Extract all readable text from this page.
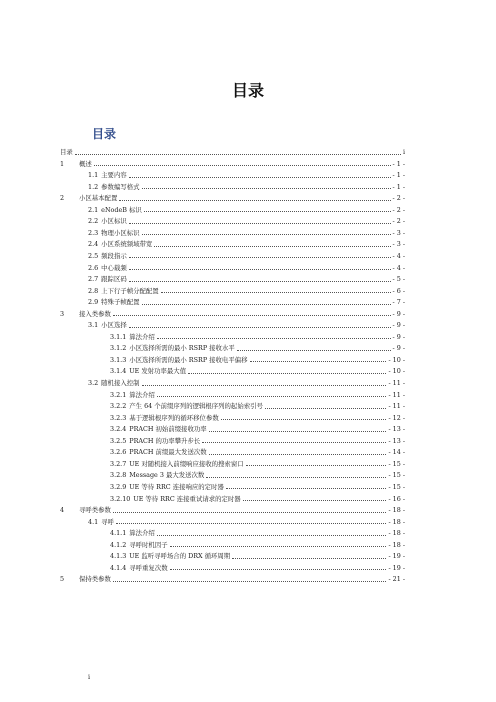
目录
目录
目录	i
1	概述	- 1 -
1.1 主要内容	- 1 -
1.2 参数编写格式	- 1 -
2	小区基本配置	- 2 -
2.1 eNodeB 标识	- 2 -
2.2 小区标识	- 2 -
2.3 物理小区标识	- 3 -
2.4 小区系统频域带宽	- 3 -
2.5 频段指示	- 4 -
2.6 中心载频	- 4 -
2.7 跟踪区码	- 5 -
2.8 上下行子帧分配配置	- 6 -
2.9 特殊子帧配置	- 7 -
3	接入类参数	- 9 -
3.1 小区选择	- 9 -
3.1.1 算法介绍	- 9 -
3.1.2 小区选择所需的最小 RSRP 接收水平	- 9 -
3.1.3 小区选择所需的最小 RSRP 接收电平偏移	- 10 -
3.1.4 UE 发射功率最大值	- 10 -
3.2 随机接入控制	- 11 -
3.2.1 算法介绍	- 11 -
3.2.2 产生 64 个前缀序列的逻辑根序列的起始索引号	- 11 -
3.2.3 基于逻辑根序列的循环移位参数	- 12 -
3.2.4 PRACH 初始前缀接收功率	- 13 -
3.2.5 PRACH 的功率攀升步长	- 13 -
3.2.6 PRACH 前缀最大发送次数	- 14 -
3.2.7 UE 对随机接入前缀响应接收的搜索窗口	- 15 -
3.2.8 Message 3 最大发送次数	- 15 -
3.2.9 UE 等待 RRC 连接响应的定时器	- 15 -
3.2.10 UE 等待 RRC 连接重试请求的定时器	- 16 -
4	寻呼类参数	- 18 -
4.1 寻呼	- 18 -
4.1.1 算法介绍	- 18 -
4.1.2 寻呼时机因子	- 18 -
4.1.3 UE 监听寻呼场合的 DRX 循环周期	- 19 -
4.1.4 寻呼重复次数	- 19 -
5	保持类参数	- 21 -
i
